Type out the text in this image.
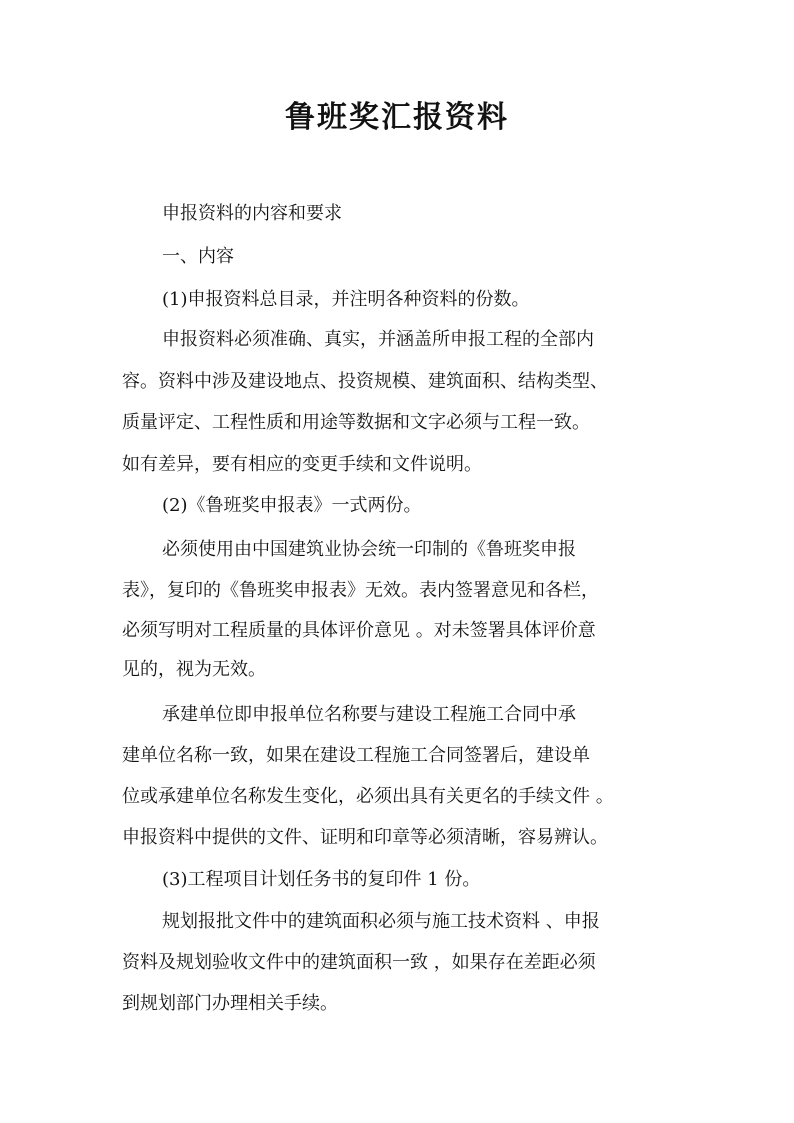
鲁班奖汇报资料
申报资料的内容和要求
一、内容
(1)申报资料总目录，并注明各种资料的份数。
申报资料必须准确、真实，并涵盖所申报工程的全部内
容。资料中涉及建设地点、投资规模、建筑面积、结构类型、
质量评定、工程性质和用途等数据和文字必须与工程一致。
如有差异，要有相应的变更手续和文件说明。
(2)《鲁班奖申报表》一式两份。
必须使用由中国建筑业协会统一印制的《鲁班奖申报
表》，复印的《鲁班奖申报表》无效。表内签署意见和各栏，
必须写明对工程质量的具体评价意见 。对未签署具体评价意
见的，视为无效。
承建单位即申报单位名称要与建设工程施工合同中承
建单位名称一致，如果在建设工程施工合同签署后，建设单
位或承建单位名称发生变化，必须出具有关更名的手续文件 。
申报资料中提供的文件、证明和印章等必须清晰，容易辨认。
(3)工程项目计划任务书的复印件 1 份。
规划报批文件中的建筑面积必须与施工技术资料 、申报
资料及规划验收文件中的建筑面积一致 ，如果存在差距必须
到规划部门办理相关手续。
